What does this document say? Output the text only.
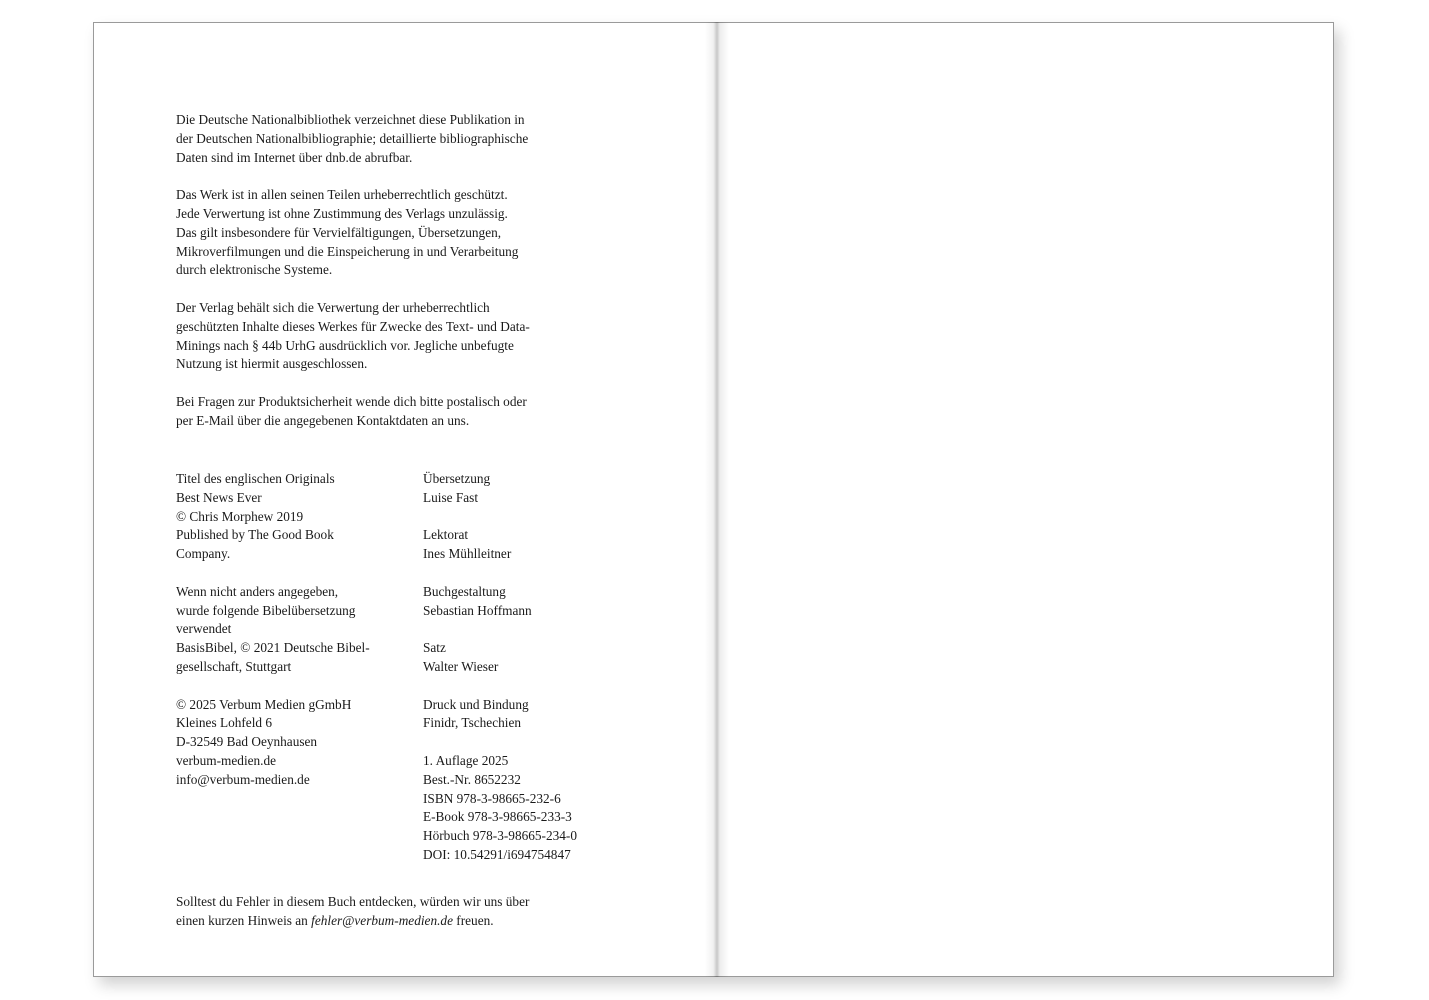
Die Deutsche Nationalbibliothek verzeichnet diese Publikation in
der Deutschen Nationalbibliographie; detaillierte bibliographische
Daten sind im Internet über dnb.de abrufbar.
Das Werk ist in allen seinen Teilen urheberrechtlich geschützt.
Jede Verwertung ist ohne Zustimmung des Verlags unzulässig.
Das gilt insbesondere für Vervielfältigungen, Übersetzungen,
Mikroverfilmungen und die Einspeicherung in und Verarbeitung
durch elektronische Systeme.
Der Verlag behält sich die Verwertung der urheberrechtlich
geschützten Inhalte dieses Werkes für Zwecke des Text- und Data-
Minings nach § 44b UrhG ausdrücklich vor. Jegliche unbefugte
Nutzung ist hiermit ausgeschlossen.
Bei Fragen zur Produktsicherheit wende dich bitte postalisch oder
per E-Mail über die angegebenen Kontaktdaten an uns.
Titel des englischen Originals
Best News Ever
© Chris Morphew 2019
Published by The Good Book
Company.
Wenn nicht anders angegeben,
wurde folgende Bibelübersetzung
verwendet
BasisBibel, © 2021 Deutsche Bibel-
gesellschaft, Stuttgart
© 2025 Verbum Medien gGmbH
Kleines Lohfeld 6
D-32549 Bad Oeynhausen
verbum-medien.de
info@verbum-medien.de
Übersetzung
Luise Fast
Lektorat
Ines Mühlleitner
Buchgestaltung
Sebastian Hoffmann
Satz
Walter Wieser
Druck und Bindung
Finidr, Tschechien
1. Auflage 2025
Best.-Nr. 8652232
ISBN 978-3-98665-232-6
E-Book 978-3-98665-233-3
Hörbuch 978-3-98665-234-0
DOI: 10.54291/i694754847
Solltest du Fehler in diesem Buch entdecken, würden wir uns über
einen kurzen Hinweis an fehler@verbum-medien.de freuen.
